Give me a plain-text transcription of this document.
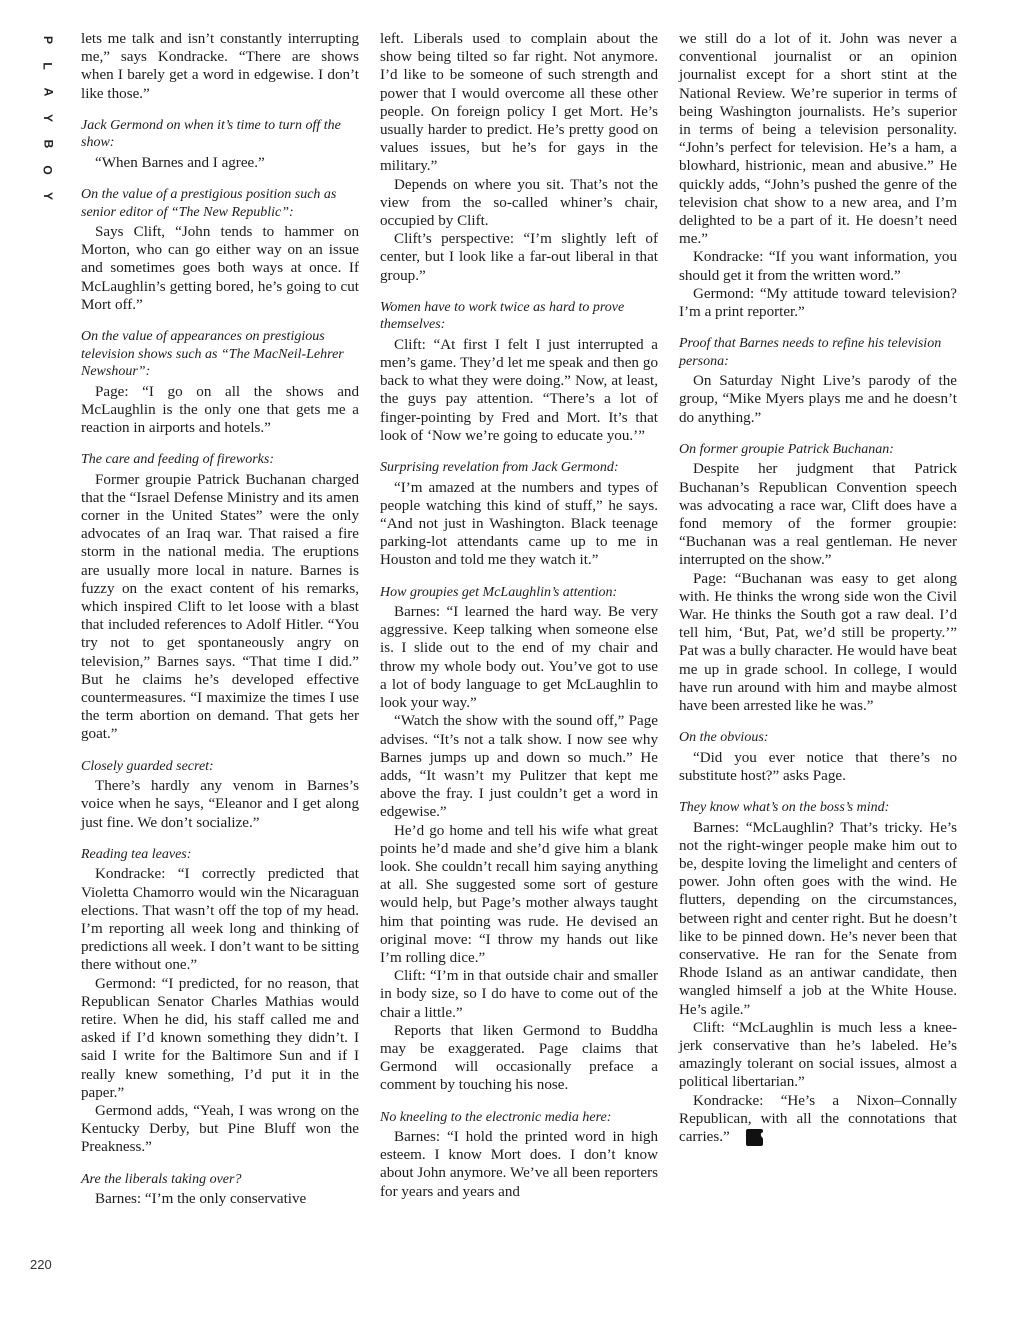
P
L
A
Y
B
O
Y

lets me talk and isn’t constantly interrupting me,” says Kondracke. “There are shows when I barely get a word in edgewise. I don’t like those.”

Jack Germond on when it’s time to turn off the show:

“When Barnes and I agree.”

On the value of a prestigious position such as senior editor of “The New Republic”:

Says Clift, “John tends to hammer on Morton, who can go either way on an issue and sometimes goes both ways at once. If McLaughlin’s getting bored, he’s going to cut Mort off.”

On the value of appearances on prestigious television shows such as “The MacNeil-Lehrer Newshour”:

Page: “I go on all the shows and McLaughlin is the only one that gets me a reaction in airports and hotels.”

The care and feeding of fireworks:

Former groupie Patrick Buchanan charged that the “Israel Defense Ministry and its amen corner in the United States” were the only advocates of an Iraq war. That raised a fire storm in the national media. The eruptions are usually more local in nature. Barnes is fuzzy on the exact content of his remarks, which inspired Clift to let loose with a blast that included references to Adolf Hitler. “You try not to get spontaneously angry on television,” Barnes says. “That time I did.” But he claims he’s developed effective countermeasures. “I maximize the times I use the term abortion on demand. That gets her goat.”

Closely guarded secret:

There’s hardly any venom in Barnes’s voice when he says, “Eleanor and I get along just fine. We don’t socialize.”

Reading tea leaves:

Kondracke: “I correctly predicted that Violetta Chamorro would win the Nicaraguan elections. That wasn’t off the top of my head. I’m reporting all week long and thinking of predictions all week. I don’t want to be sitting there without one.”

Germond: “I predicted, for no reason, that Republican Senator Charles Mathias would retire. When he did, his staff called me and asked if I’d known something they didn’t. I said I write for the Baltimore Sun and if I really knew something, I’d put it in the paper.”

Germond adds, “Yeah, I was wrong on the Kentucky Derby, but Pine Bluff won the Preakness.”

Are the liberals taking over?

Barnes: “I’m the only conservative

left. Liberals used to complain about the show being tilted so far right. Not anymore. I’d like to be someone of such strength and power that I would overcome all these other people. On foreign policy I get Mort. He’s usually harder to predict. He’s pretty good on values issues, but he’s for gays in the military.”

Depends on where you sit. That’s not the view from the so-called whiner’s chair, occupied by Clift.

Clift’s perspective: “I’m slightly left of center, but I look like a far-out liberal in that group.”

Women have to work twice as hard to prove themselves:

Clift: “At first I felt I just interrupted a men’s game. They’d let me speak and then go back to what they were doing.” Now, at least, the guys pay attention. “There’s a lot of finger-pointing by Fred and Mort. It’s that look of ‘Now we’re going to educate you.’”

Surprising revelation from Jack Germond:

“I’m amazed at the numbers and types of people watching this kind of stuff,” he says. “And not just in Washington. Black teenage parking-lot attendants came up to me in Houston and told me they watch it.”

How groupies get McLaughlin’s attention:

Barnes: “I learned the hard way. Be very aggressive. Keep talking when someone else is. I slide out to the end of my chair and throw my whole body out. You’ve got to use a lot of body language to get McLaughlin to look your way.”

“Watch the show with the sound off,” Page advises. “It’s not a talk show. I now see why Barnes jumps up and down so much.” He adds, “It wasn’t my Pulitzer that kept me above the fray. I just couldn’t get a word in edgewise.”

He’d go home and tell his wife what great points he’d made and she’d give him a blank look. She couldn’t recall him saying anything at all. She suggested some sort of gesture would help, but Page’s mother always taught him that pointing was rude. He devised an original move: “I throw my hands out like I’m rolling dice.”

Clift: “I’m in that outside chair and smaller in body size, so I do have to come out of the chair a little.”

Reports that liken Germond to Buddha may be exaggerated. Page claims that Germond will occasionally preface a comment by touching his nose.

No kneeling to the electronic media here:

Barnes: “I hold the printed word in high esteem. I know Mort does. I don’t know about John anymore. We’ve all been reporters for years and years and

we still do a lot of it. John was never a conventional journalist or an opinion journalist except for a short stint at the National Review. We’re superior in terms of being Washington journalists. He’s superior in terms of being a television personality. “John’s perfect for television. He’s a ham, a blowhard, histrionic, mean and abusive.” He quickly adds, “John’s pushed the genre of the television chat show to a new area, and I’m delighted to be a part of it. He doesn’t need me.”

Kondracke: “If you want information, you should get it from the written word.”

Germond: “My attitude toward television? I’m a print reporter.”

Proof that Barnes needs to refine his television persona:

On Saturday Night Live’s parody of the group, “Mike Myers plays me and he doesn’t do anything.”

On former groupie Patrick Buchanan:

Despite her judgment that Patrick Buchanan’s Republican Convention speech was advocating a race war, Clift does have a fond memory of the former groupie: “Buchanan was a real gentleman. He never interrupted on the show.”

Page: “Buchanan was easy to get along with. He thinks the wrong side won the Civil War. He thinks the South got a raw deal. I’d tell him, ‘But, Pat, we’d still be property.’” Pat was a bully character. He would have beat me up in grade school. In college, I would have run around with him and maybe almost have been arrested like he was.”

On the obvious:

“Did you ever notice that there’s no substitute host?” asks Page.

They know what’s on the boss’s mind:

Barnes: “McLaughlin? That’s tricky. He’s not the right-winger people make him out to be, despite loving the limelight and centers of power. John often goes with the wind. He flutters, depending on the circumstances, between right and center right. But he doesn’t like to be pinned down. He’s never been that conservative. He ran for the Senate from Rhode Island as an antiwar candidate, then wangled himself a job at the White House. He’s agile.”

Clift: “McLaughlin is much less a knee-jerk conservative than he’s labeled. He’s amazingly tolerant on social issues, almost a political libertarian.”

Kondracke: “He’s a Nixon–Connally Republican, with all the connotations that carries.”	♥

220
